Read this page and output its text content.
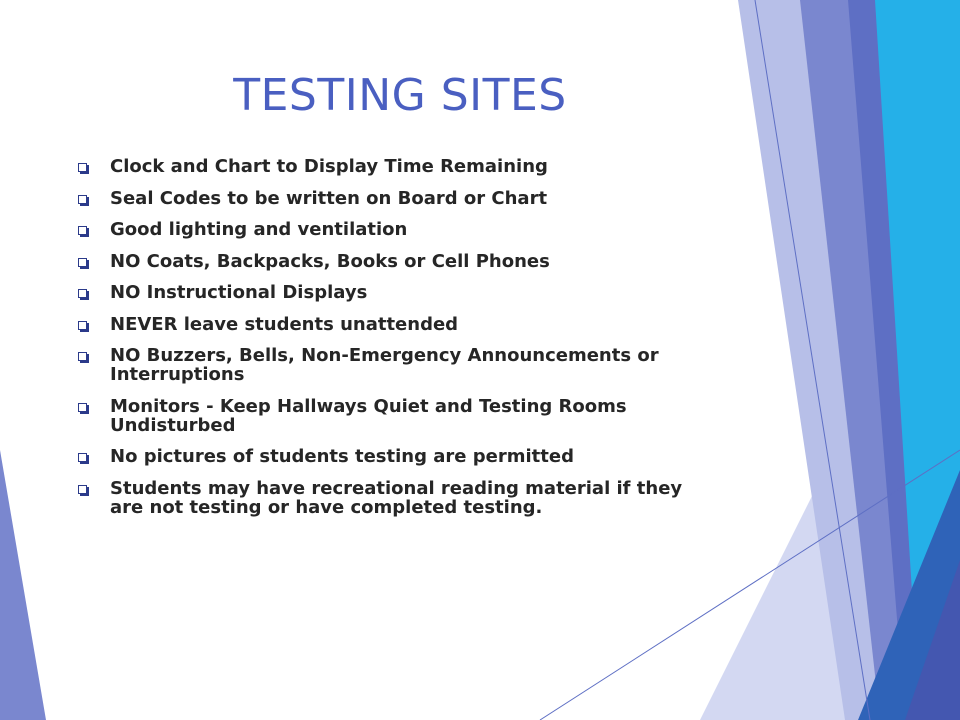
TESTING SITES
Clock and Chart to Display Time Remaining
Seal Codes to be written on Board or Chart
Good lighting and ventilation
NO Coats, Backpacks, Books or Cell Phones
NO Instructional Displays
NEVER leave students unattended
NO Buzzers, Bells, Non-Emergency Announcements or Interruptions
Monitors - Keep Hallways Quiet and Testing Rooms Undisturbed
No pictures of students testing are permitted
Students may have recreational reading material if they are not testing or have completed testing.
